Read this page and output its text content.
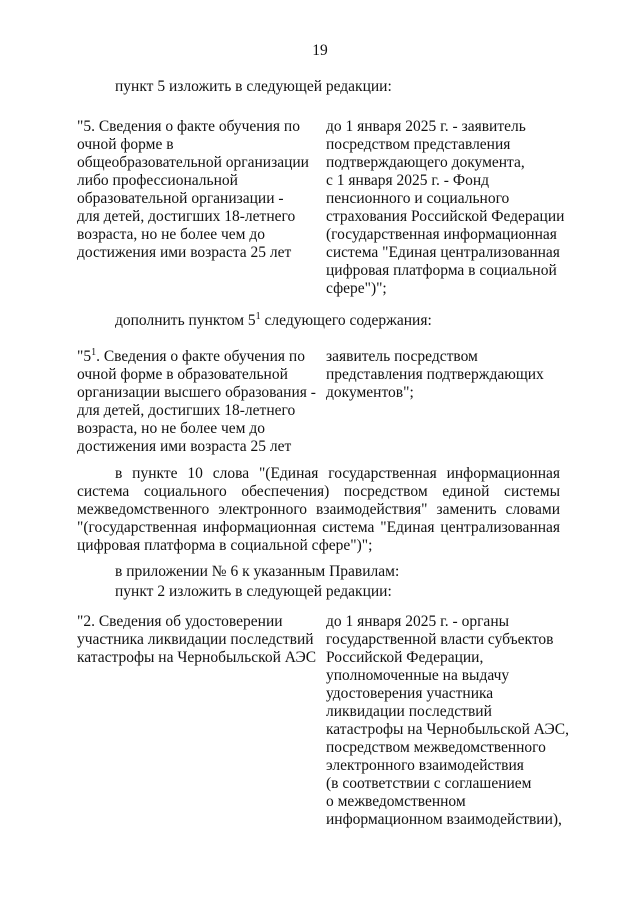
19
пункт 5 изложить в следующей редакции:
"5. Сведения о факте обучения по
очной форме в
общеобразовательной организации
либо профессиональной
образовательной организации -
для детей, достигших 18-летнего
возраста, но не более чем до
достижения ими возраста 25 лет
до 1 января 2025 г. - заявитель
посредством представления
подтверждающего документа,
с 1 января 2025 г. - Фонд
пенсионного и социального
страхования Российской Федерации
(государственная информационная
система "Единая централизованная
цифровая платформа в социальной
сфере")";
дополнить пунктом $5^1$ следующего содержания:
"$5^1$. Сведения о факте обучения по
очной форме в образовательной
организации высшего образования -
для детей, достигших 18-летнего
возраста, но не более чем до
достижения ими возраста 25 лет
заявитель посредством
представления подтверждающих
документов";
в пункте 10 слова "(Единая государственная информационная
система социального обеспечения) посредством единой системы
межведомственного электронного взаимодействия" заменить словами
"(государственная информационная система "Единая централизованная
цифровая платформа в социальной сфере")";
в приложении № 6 к указанным Правилам:
пункт 2 изложить в следующей редакции:
"2. Сведения об удостоверении
участника ликвидации последствий
катастрофы на Чернобыльской АЭС
до 1 января 2025 г. - органы
государственной власти субъектов
Российской Федерации,
уполномоченные на выдачу
удостоверения участника
ликвидации последствий
катастрофы на Чернобыльской АЭС,
посредством межведомственного
электронного взаимодействия
(в соответствии с соглашением
о межведомственном
информационном взаимодействии),
